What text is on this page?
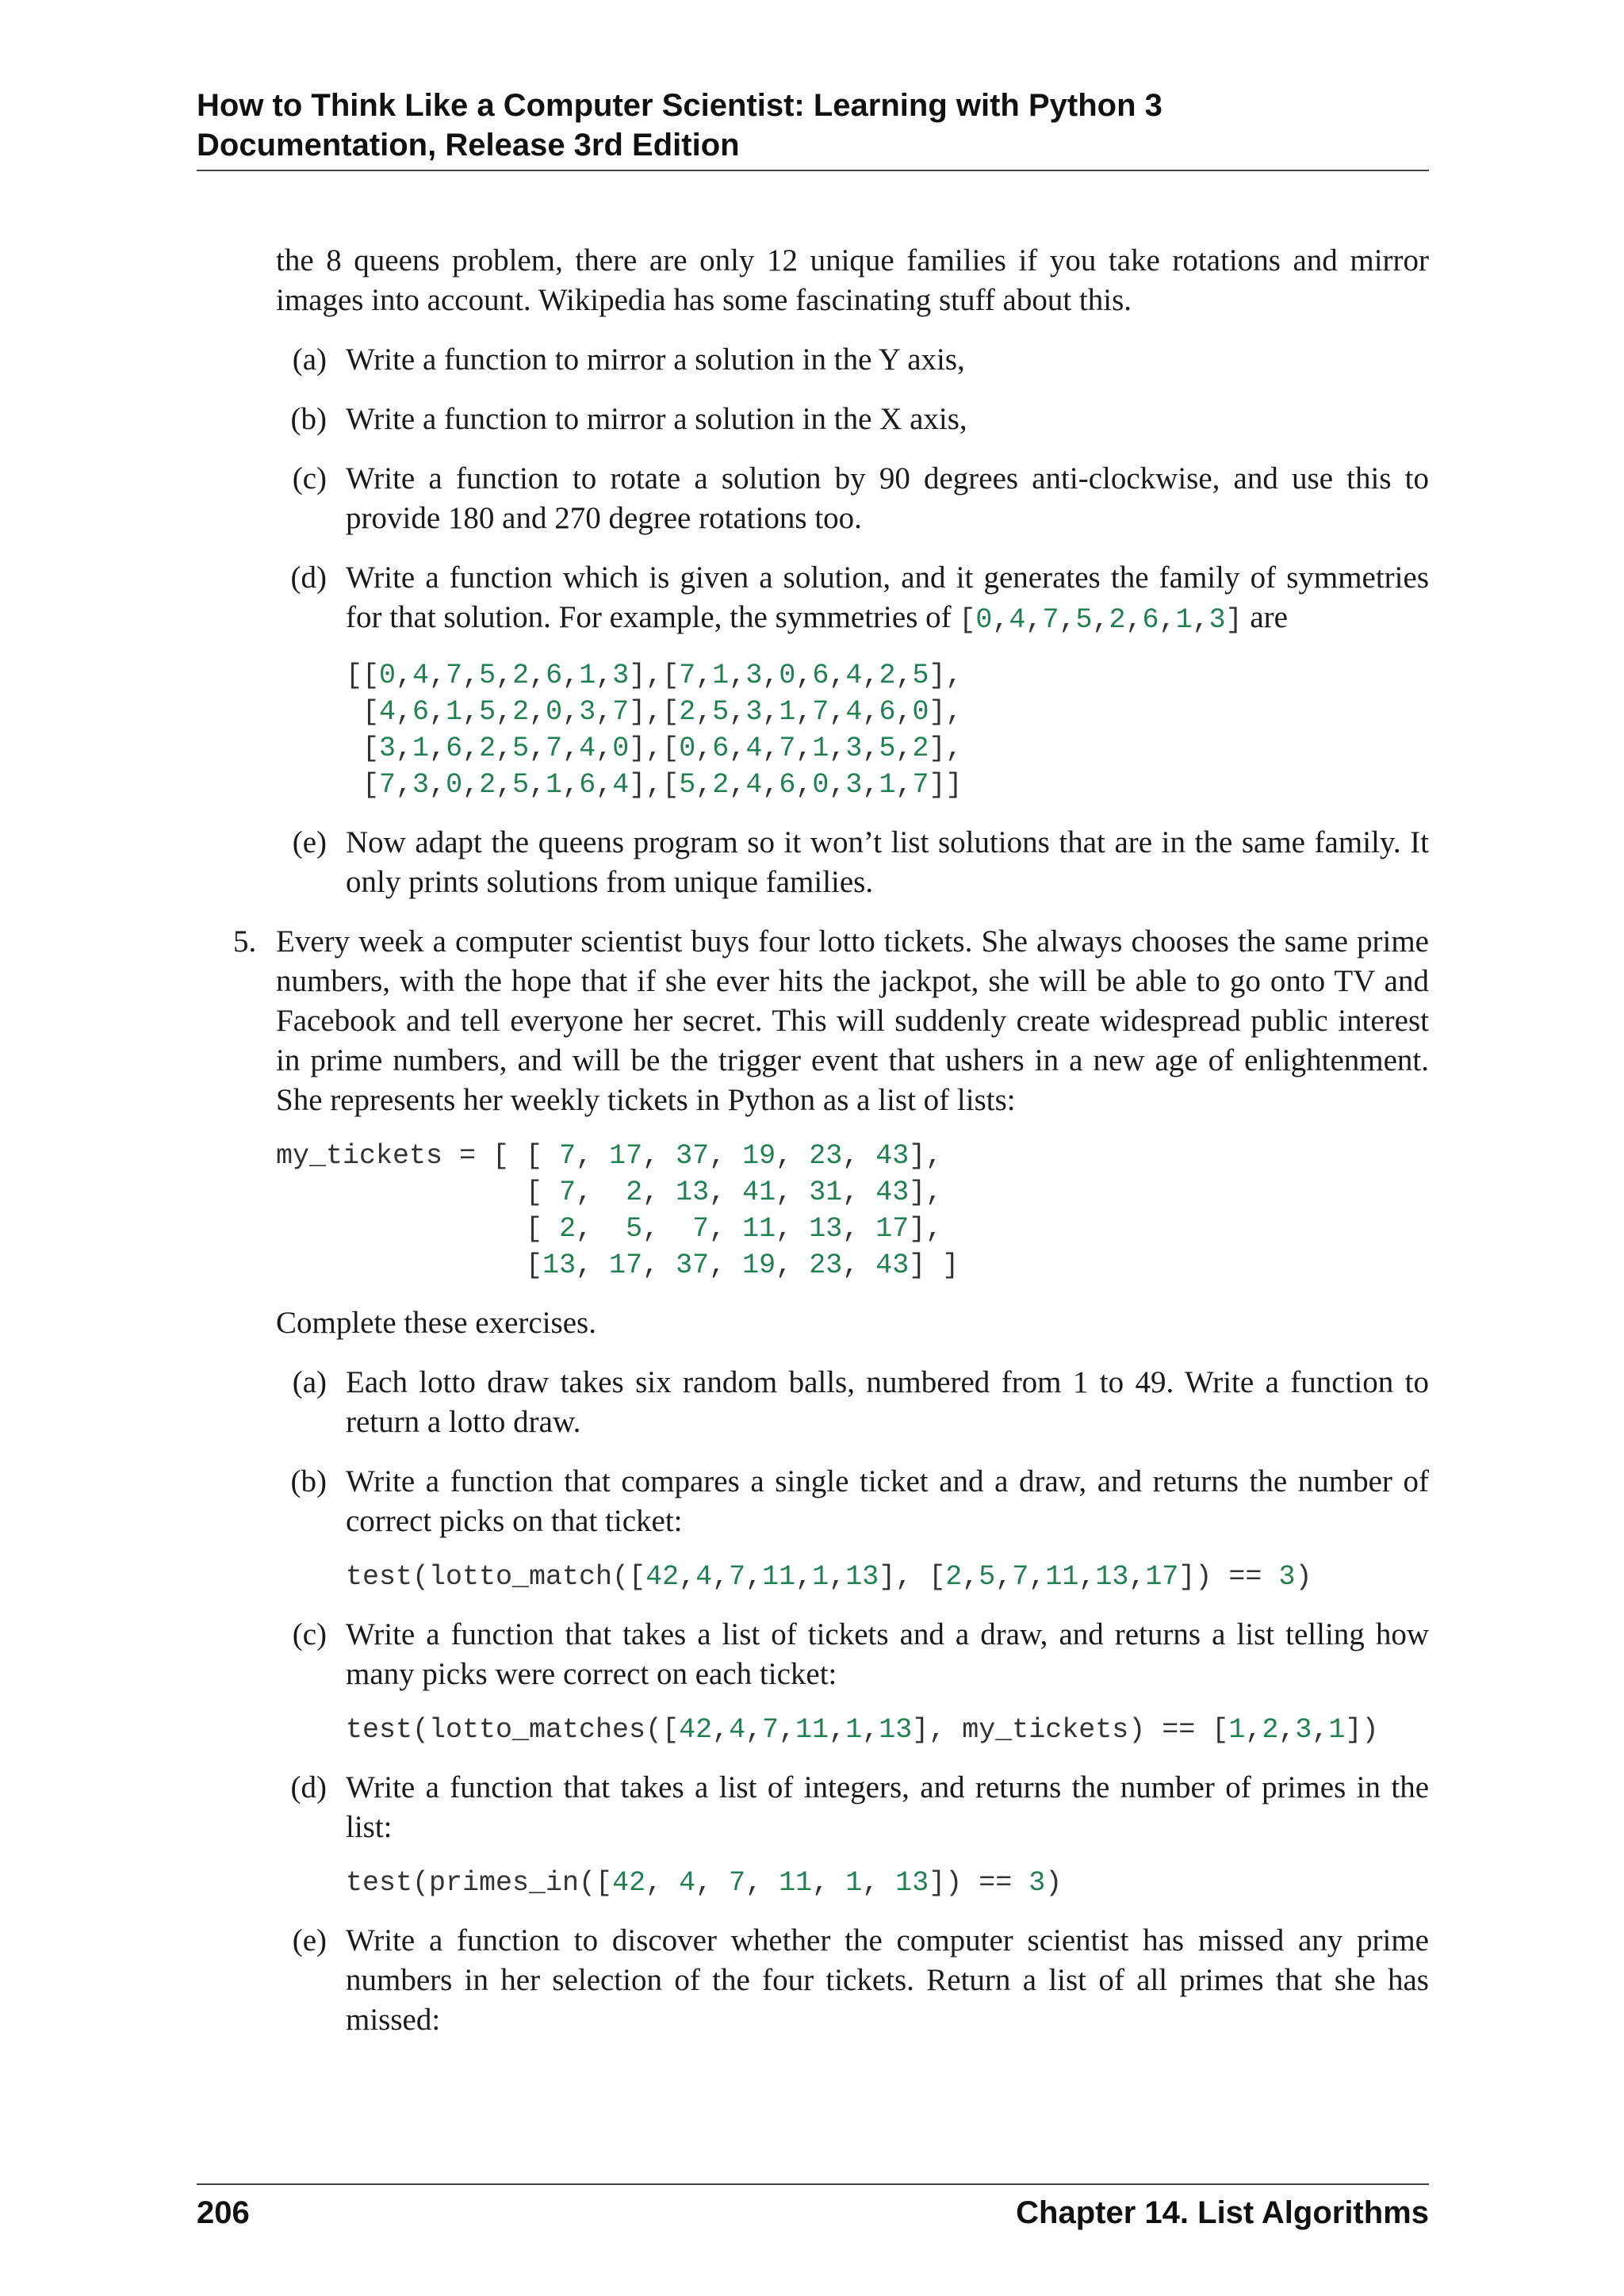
How to Think Like a Computer Scientist: Learning with Python 3
Documentation, Release 3rd Edition

the 8 queens problem, there are only 12 unique families if you take rotations and mirror images into account. Wikipedia has some fascinating stuff about this.

(a) Write a function to mirror a solution in the Y axis,
(b) Write a function to mirror a solution in the X axis,
(c) Write a function to rotate a solution by 90 degrees anti-clockwise, and use this to provide 180 and 270 degree rotations too.
(d) Write a function which is given a solution, and it generates the family of symmetries for that solution. For example, the symmetries of [0,4,7,5,2,6,1,3] are
[[0,4,7,5,2,6,1,3],[7,1,3,0,6,4,2,5],
[4,6,1,5,2,0,3,7],[2,5,3,1,7,4,6,0],
[3,1,6,2,5,7,4,0],[0,6,4,7,1,3,5,2],
[7,3,0,2,5,1,6,4],[5,2,4,6,0,3,1,7]]
(e) Now adapt the queens program so it won’t list solutions that are in the same family. It only prints solutions from unique families.
5. Every week a computer scientist buys four lotto tickets. She always chooses the same prime numbers, with the hope that if she ever hits the jackpot, she will be able to go onto TV and Facebook and tell everyone her secret. This will suddenly create widespread public interest in prime numbers, and will be the trigger event that ushers in a new age of enlightenment. She represents her weekly tickets in Python as a list of lists:

my_tickets = [ [ 7, 17, 37, 19, 23, 43],
[ 7,  2, 13, 41, 31, 43],
[ 2,  5,  7, 11, 13, 17],
[13, 17, 37, 19, 23, 43] ]

Complete these exercises.

(a) Each lotto draw takes six random balls, numbered from 1 to 49. Write a function to return a lotto draw.
(b) Write a function that compares a single ticket and a draw, and returns the number of correct picks on that ticket:
test(lotto_match([42,4,7,11,1,13], [2,5,7,11,13,17]) == 3)
(c) Write a function that takes a list of tickets and a draw, and returns a list telling how many picks were correct on each ticket:
test(lotto_matches([42,4,7,11,1,13], my_tickets) == [1,2,3,1])
(d) Write a function that takes a list of integers, and returns the number of primes in the list:
test(primes_in([42, 4, 7, 11, 1, 13]) == 3)
(e) Write a function to discover whether the computer scientist has missed any prime numbers in her selection of the four tickets. Return a list of all primes that she has missed:
206	Chapter 14. List Algorithms
